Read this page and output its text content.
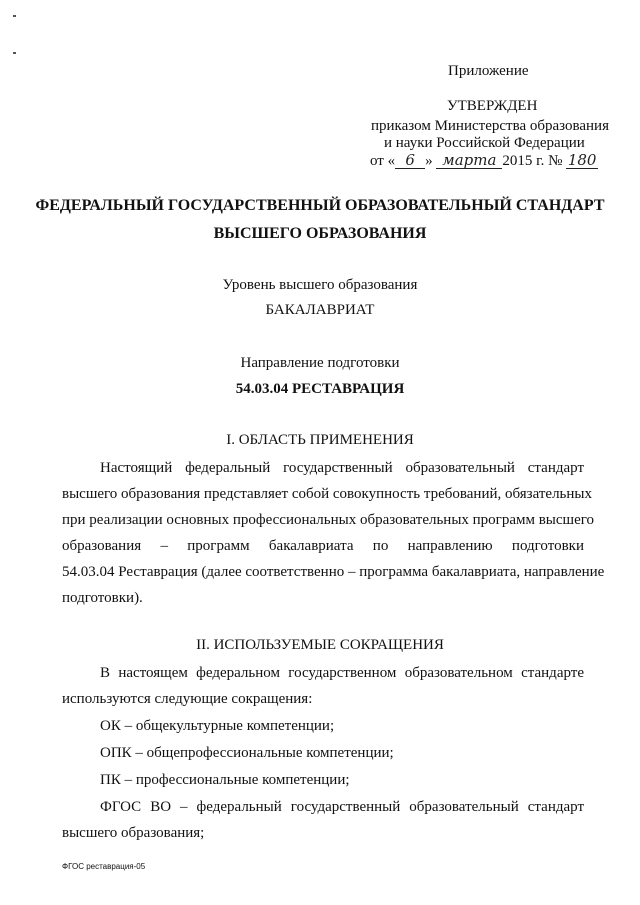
Приложение
УТВЕРЖДЕН
приказом Министерства образования
и науки Российской Федерации
от « 6 » марта 2015 г. № 180
ФЕДЕРАЛЬНЫЙ ГОСУДАРСТВЕННЫЙ ОБРАЗОВАТЕЛЬНЫЙ СТАНДАРТ
ВЫСШЕГО ОБРАЗОВАНИЯ
Уровень высшего образования
БАКАЛАВРИАТ
Направление подготовки
54.03.04 РЕСТАВРАЦИЯ
I. ОБЛАСТЬ ПРИМЕНЕНИЯ
Настоящий федеральный государственный образовательный стандарт
высшего образования представляет собой совокупность требований, обязательных
при реализации основных профессиональных образовательных программ высшего
образования – программ бакалавриата по направлению подготовки
54.03.04 Реставрация (далее соответственно – программа бакалавриата, направление
подготовки).
II. ИСПОЛЬЗУЕМЫЕ СОКРАЩЕНИЯ
В настоящем федеральном государственном образовательном стандарте
используются следующие сокращения:
ОК – общекультурные компетенции;
ОПК – общепрофессиональные компетенции;
ПК – профессиональные компетенции;
ФГОС ВО – федеральный государственный образовательный стандарт
высшего образования;
ФГОС реставрация-05
